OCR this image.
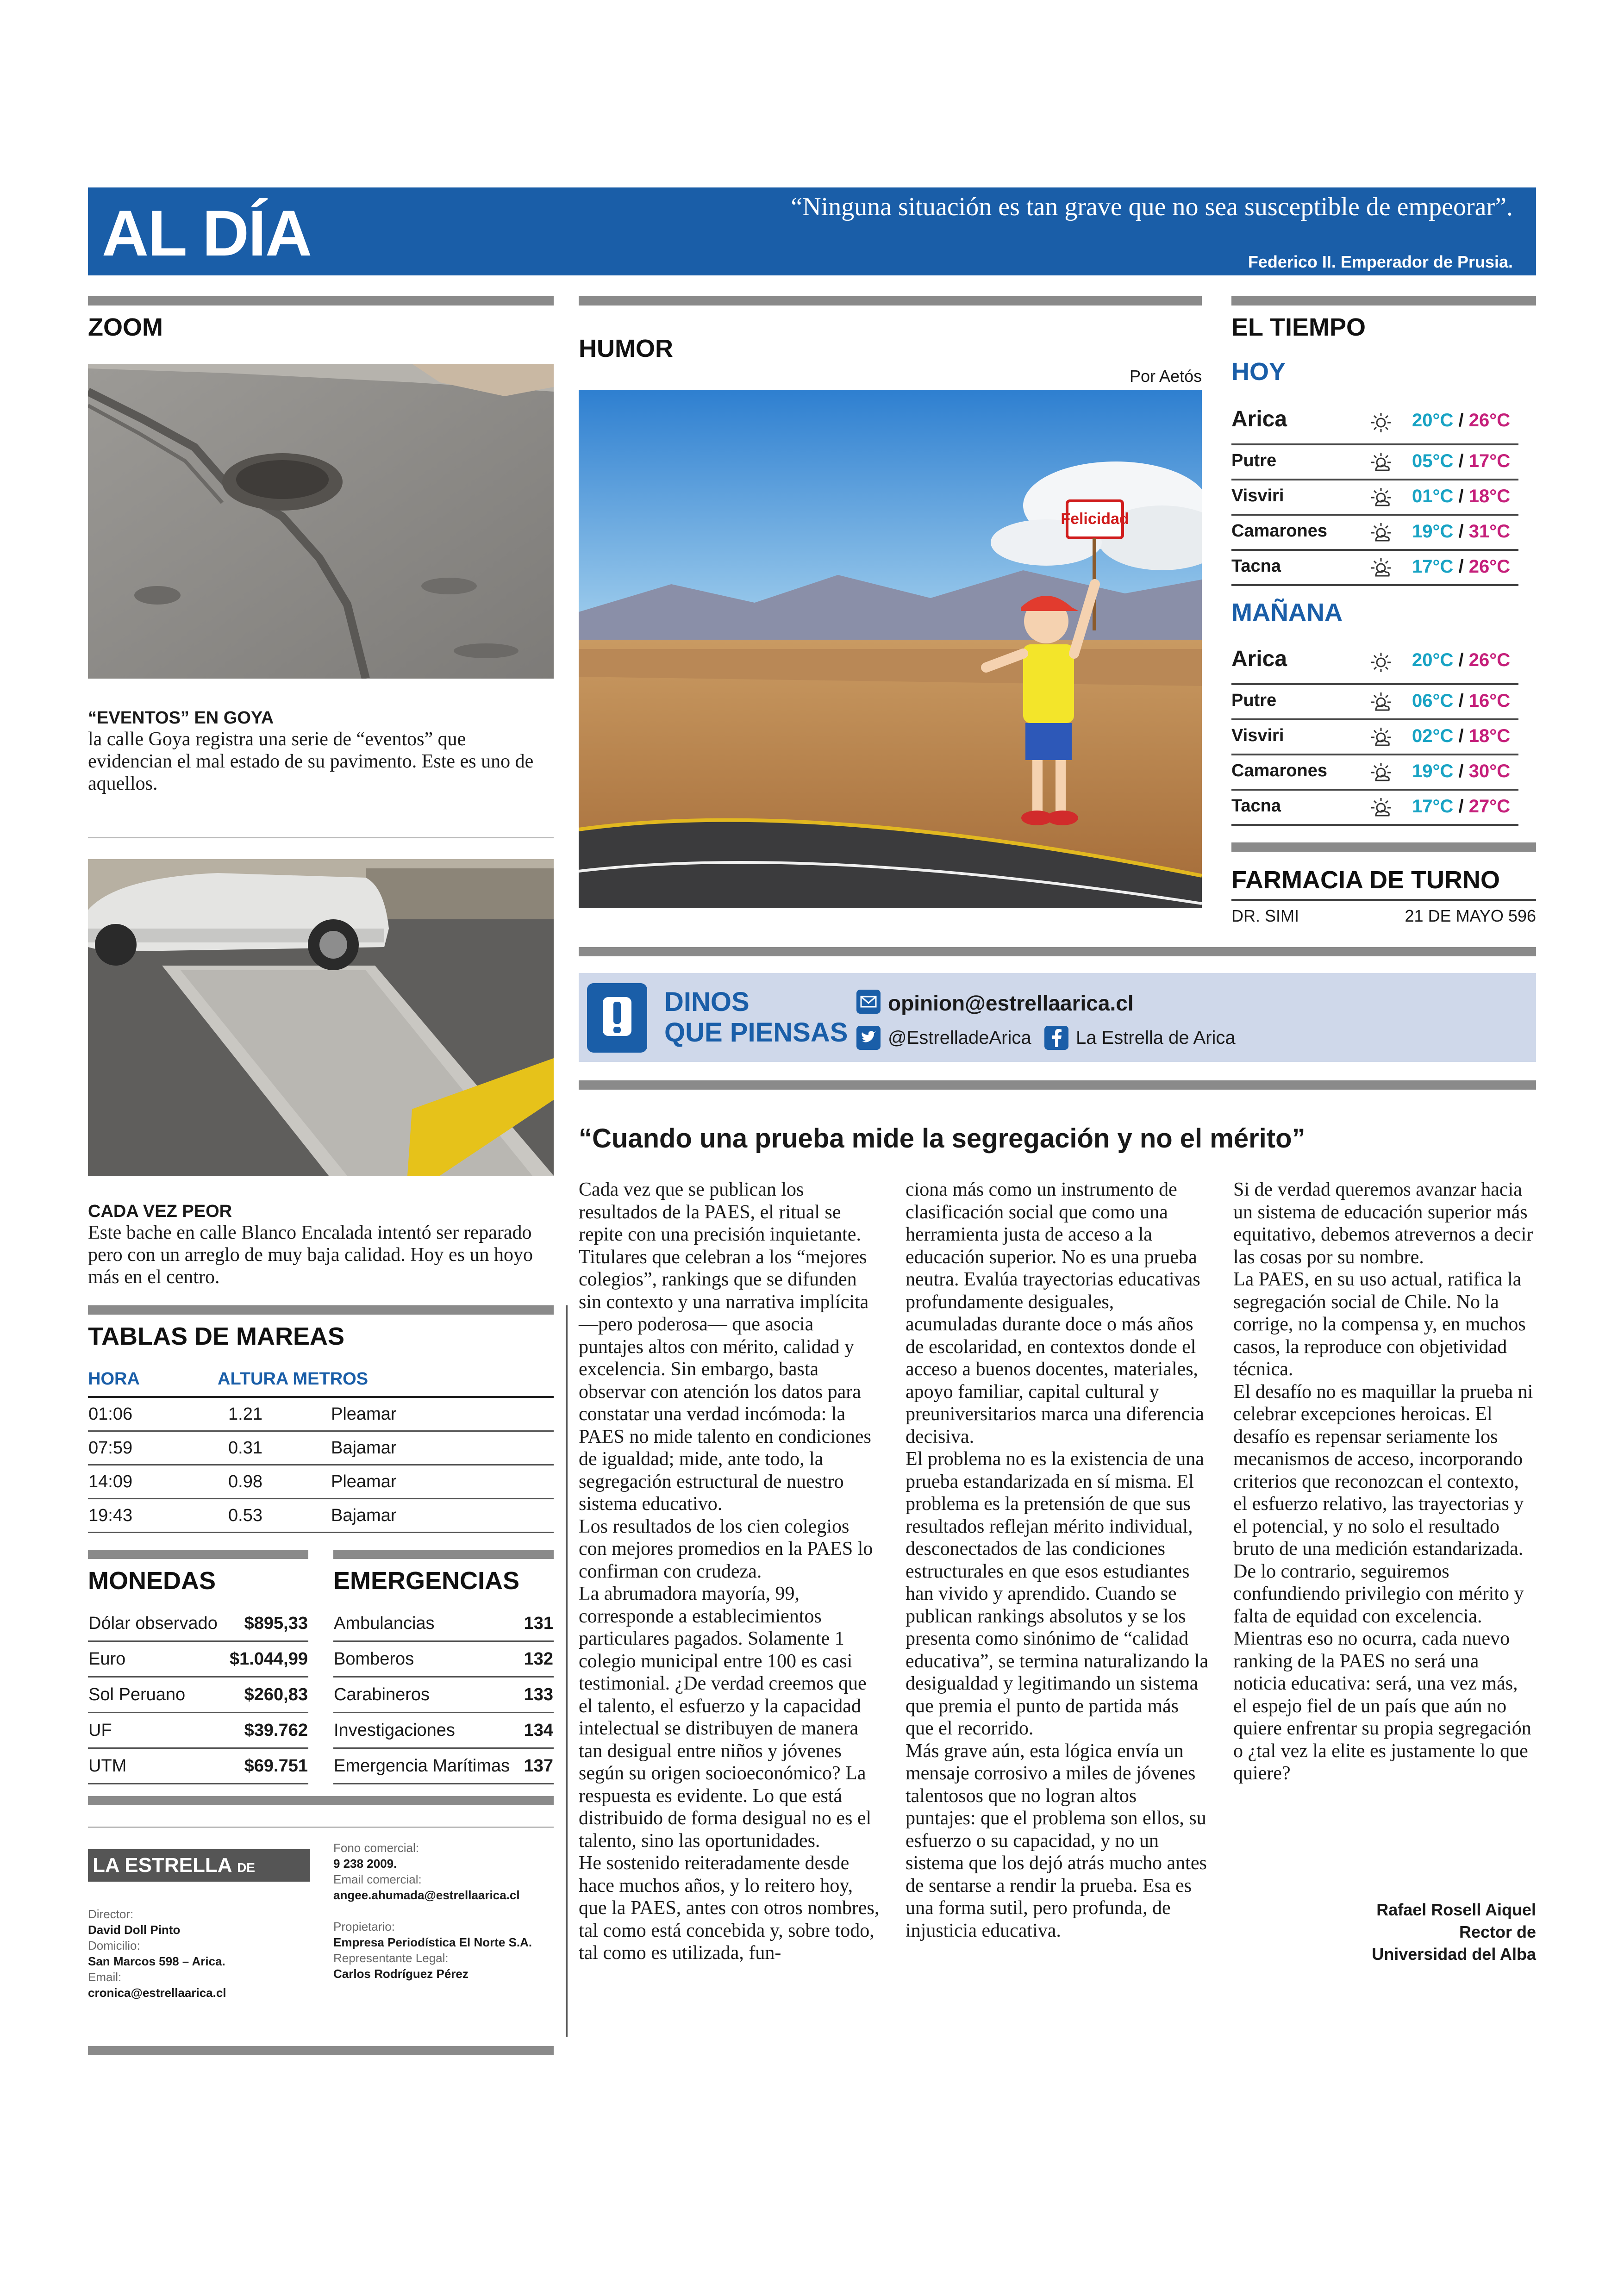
AL DÍA	“Ninguna situación es tan grave que no sea susceptible de empeorar”.
Federico II. Emperador de Prusia.
ZOOM
“EVENTOS” EN GOYA
la calle Goya registra una serie de “eventos” que evidencian el mal estado de su pavimento. Este es uno de aquellos.
CADA VEZ PEOR
Este bache en calle Blanco Encalada intentó ser reparado pero con un arreglo de muy baja calidad. Hoy es un hoyo más en el centro.
TABLAS DE MAREAS
HORA	ALTURA METROS
01:06	1.21	Pleamar
07:59	0.31	Bajamar
14:09	0.98	Pleamar
19:43	0.53	Bajamar
MONEDAS
Dólar observado	$895,33
Euro	$1.044,99
Sol Peruano	$260,83
UF	$39.762
UTM	$69.751
EMERGENCIAS
Ambulancias	131
Bomberos	132
Carabineros	133
Investigaciones	134
Emergencia Marítimas	137
LA ESTRELLA DE ARICA
Director:
David Doll Pinto
Domicilio:
San Marcos 598 – Arica.
Email:
cronica@estrellaarica.cl
Fono comercial:
9 238 2009.
Email comercial:
angee.ahumada@estrellaarica.cl
Propietario:
Empresa Periodística El Norte S.A.
Representante Legal:
Carlos Rodríguez Pérez
HUMOR
Por Aetós
Felicidad
EL TIEMPO
HOY
Arica	20°C / 26°C
Putre	05°C / 17°C
Visviri	01°C / 18°C
Camarones	19°C / 31°C
Tacna	17°C / 26°C
MAÑANA
Arica	20°C / 26°C
Putre	06°C / 16°C
Visviri	02°C / 18°C
Camarones	19°C / 30°C
Tacna	17°C / 27°C
FARMACIA DE TURNO
DR. SIMI	21 DE MAYO 596
DINOS
QUE PIENSAS
opinion@estrellaarica.cl
@EstrelladeArica La Estrella de Arica
“Cuando una prueba mide la segregación y no el mérito”

Cada vez que se publican los resultados de la PAES, el ritual se repite con una precisión inquietante. Titulares que celebran a los “mejores colegios”, rankings que se difunden sin contexto y una narrativa implícita —pero poderosa— que asocia puntajes altos con mérito, calidad y excelencia. Sin embargo, basta observar con atención los datos para constatar una verdad incómoda: la PAES no mide talento en condiciones de igualdad; mide, ante todo, la segregación estructural de nuestro sistema educativo.

Los resultados de los cien colegios con mejores promedios en la PAES lo confirman con crudeza.

La abrumadora mayoría, 99, corresponde a establecimientos particulares pagados. Solamente 1 colegio municipal entre 100 es casi testimonial. ¿De verdad creemos que el talento, el esfuerzo y la capacidad intelectual se distribuyen de manera tan desigual entre niños y jóvenes según su origen socioeconómico? La respuesta es evidente. Lo que está distribuido de forma desigual no es el talento, sino las oportunidades.

He sostenido reiteradamente desde hace muchos años, y lo reitero hoy, que la PAES, antes con otros nombres, tal como está concebida y, sobre todo, tal como es utilizada, fun-

ciona más como un instrumento de clasificación social que como una herramienta justa de acceso a la educación superior. No es una prueba neutra. Evalúa trayectorias educativas profundamente desiguales, acumuladas durante doce o más años de escolaridad, en contextos donde el acceso a buenos docentes, materiales, apoyo familiar, capital cultural y preuniversitarios marca una diferencia decisiva.

El problema no es la existencia de una prueba estandarizada en sí misma. El problema es la pretensión de que sus resultados reflejan mérito individual, desconectados de las condiciones estructurales en que esos estudiantes han vivido y aprendido. Cuando se publican rankings absolutos y se los presenta como sinónimo de “calidad educativa”, se termina naturalizando la desigualdad y legitimando un sistema que premia el punto de partida más que el recorrido.

Más grave aún, esta lógica envía un mensaje corrosivo a miles de jóvenes talentosos que no logran altos puntajes: que el problema son ellos, su esfuerzo o su capacidad, y no un sistema que los dejó atrás mucho antes de sentarse a rendir la prueba. Esa es una forma sutil, pero profunda, de injusticia educativa.

Si de verdad queremos avanzar hacia un sistema de educación superior más equitativo, debemos atrevernos a decir las cosas por su nombre.

La PAES, en su uso actual, ratifica la segregación social de Chile. No la corrige, no la compensa y, en muchos casos, la reproduce con objetividad técnica.

El desafío no es maquillar la prueba ni celebrar excepciones heroicas. El desafío es repensar seriamente los mecanismos de acceso, incorporando criterios que reconozcan el contexto, el esfuerzo relativo, las trayectorias y el potencial, y no solo el resultado bruto de una medición estandarizada. De lo contrario, seguiremos confundiendo privilegio con mérito y falta de equidad con excelencia.

Mientras eso no ocurra, cada nuevo ranking de la PAES no será una noticia educativa: será, una vez más, el espejo fiel de un país que aún no quiere enfrentar su propia segregación o ¿tal vez la elite es justamente lo que quiere?

Rafael Rosell Aiquel
Rector de
Universidad del Alba
